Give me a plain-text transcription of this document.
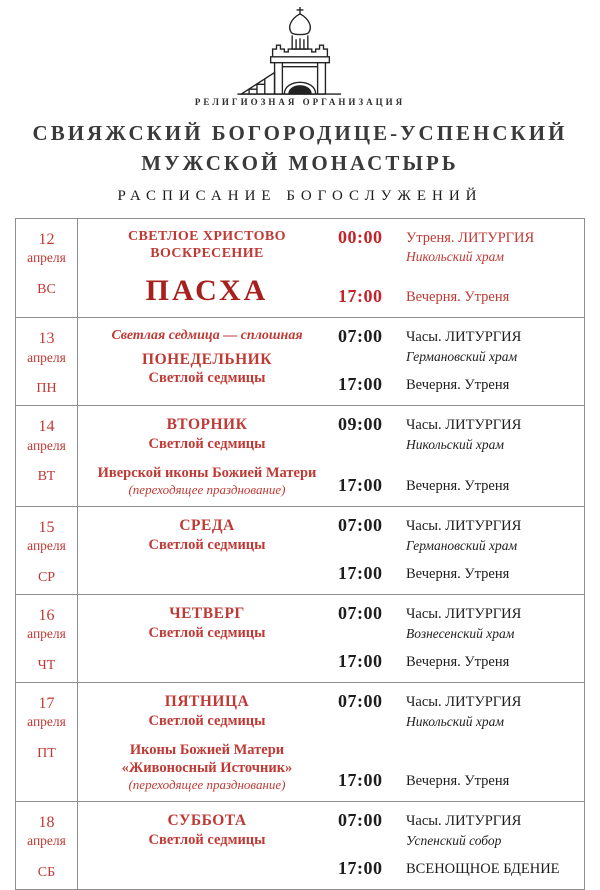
РЕЛИГИОЗНАЯ ОРГАНИЗАЦИЯ
СВИЯЖСКИЙ БОГОРОДИЦЕ-УСПЕНСКИЙ
МУЖСКОЙ МОНАСТЫРЬ
РАСПИСАНИЕ БОГОСЛУЖЕНИЙ
12
апреля
ВС
СВЕТЛОЕ ХРИСТОВО ВОСКРЕСЕНИЕ
ПАСХА
00:00	Утреня. ЛИТУРГИЯ
Никольский храм
17:00	Вечерня. Утреня
13
апреля
ПН
Светлая седмица — сплошная
ПОНЕДЕЛЬНИК
Светлой седмицы
07:00	Часы. ЛИТУРГИЯ
Германовский храм
17:00	Вечерня. Утреня
14
апреля
ВТ
ВТОРНИК
Светлой седмицы
Иверской иконы Божией Матери
(переходящее празднование)
09:00	Часы. ЛИТУРГИЯ
Никольский храм
17:00	Вечерня. Утреня
15
апреля
СР
СРЕДА
Светлой седмицы
07:00	Часы. ЛИТУРГИЯ
Германовский храм
17:00	Вечерня. Утреня
16
апреля
ЧТ
ЧЕТВЕРГ
Светлой седмицы
07:00	Часы. ЛИТУРГИЯ
Вознесенский храм
17:00	Вечерня. Утреня
17
апреля
ПТ
ПЯТНИЦА
Светлой седмицы
Иконы Божией Матери
«Живоносный Источник»
(переходящее празднование)
07:00	Часы. ЛИТУРГИЯ
Никольский храм
17:00	Вечерня. Утреня
18
апреля
СБ
СУББОТА
Светлой седмицы
07:00	Часы. ЛИТУРГИЯ
Успенский собор
17:00	ВСЕНОЩНОЕ БДЕНИЕ
